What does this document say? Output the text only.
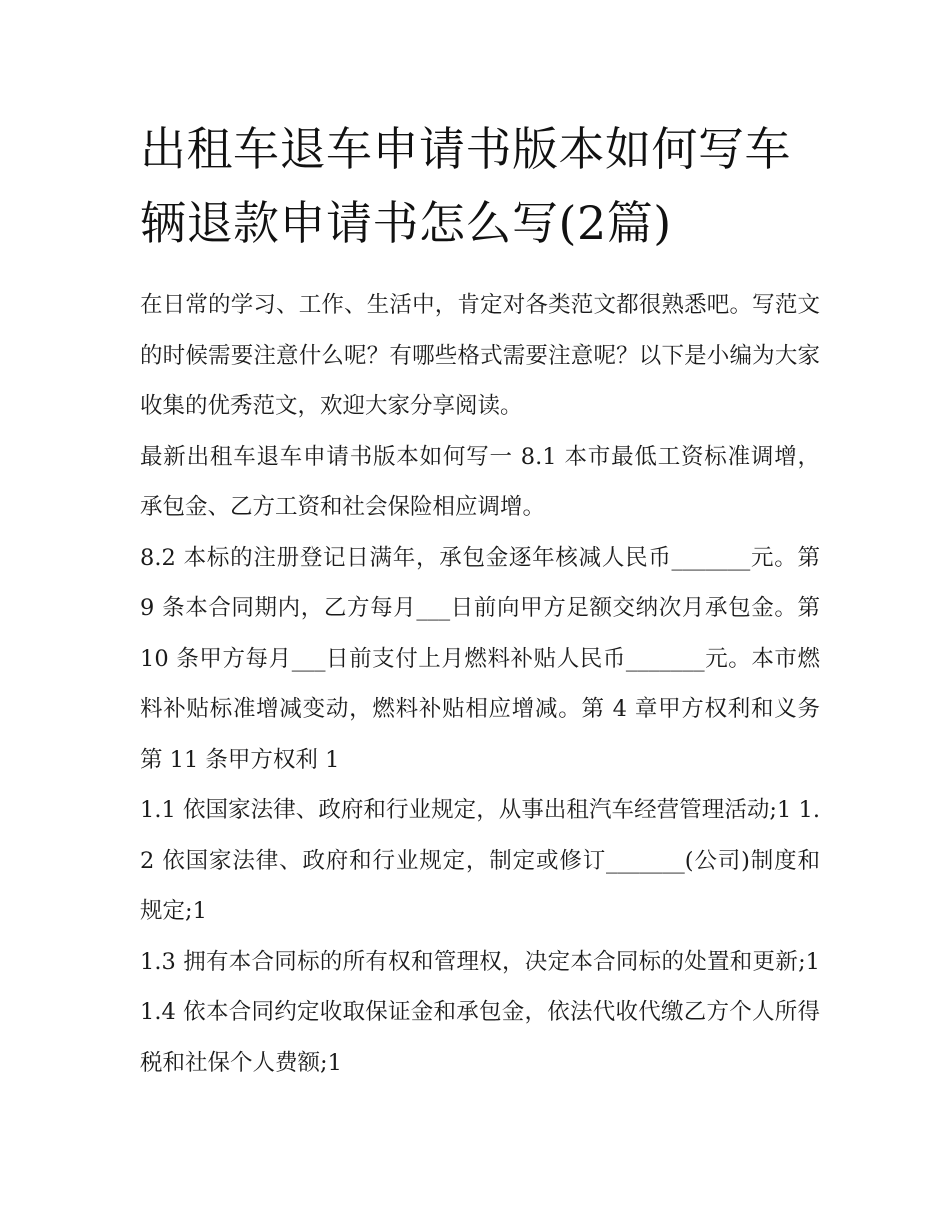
出租车退车申请书版本如何写车辆退款申请书怎么写(2篇)

在日常的学习、工作、生活中，肯定对各类范文都很熟悉吧。写范文的时候需要注意什么呢？有哪些格式需要注意呢？以下是小编为大家收集的优秀范文，欢迎大家分享阅读。

最新出租车退车申请书版本如何写一 8.1 本市最低工资标准调增，承包金、乙方工资和社会保险相应调增。

8.2 本标的注册登记日满年，承包金逐年核减人民币_______元。第 9 条本合同期内，乙方每月___日前向甲方足额交纳次月承包金。第 10 条甲方每月___日前支付上月燃料补贴人民币_______元。本市燃料补贴标准增减变动，燃料补贴相应增减。第 4 章甲方权利和义务第 11 条甲方权利 1

1.1 依国家法律、政府和行业规定，从事出租汽车经营管理活动;1 1.2 依国家法律、政府和行业规定，制定或修订_______(公司)制度和规定;1

1.3 拥有本合同标的所有权和管理权，决定本合同标的处置和更新;1 1.4 依本合同约定收取保证金和承包金，依法代收代缴乙方个人所得税和社保个人费额;1
